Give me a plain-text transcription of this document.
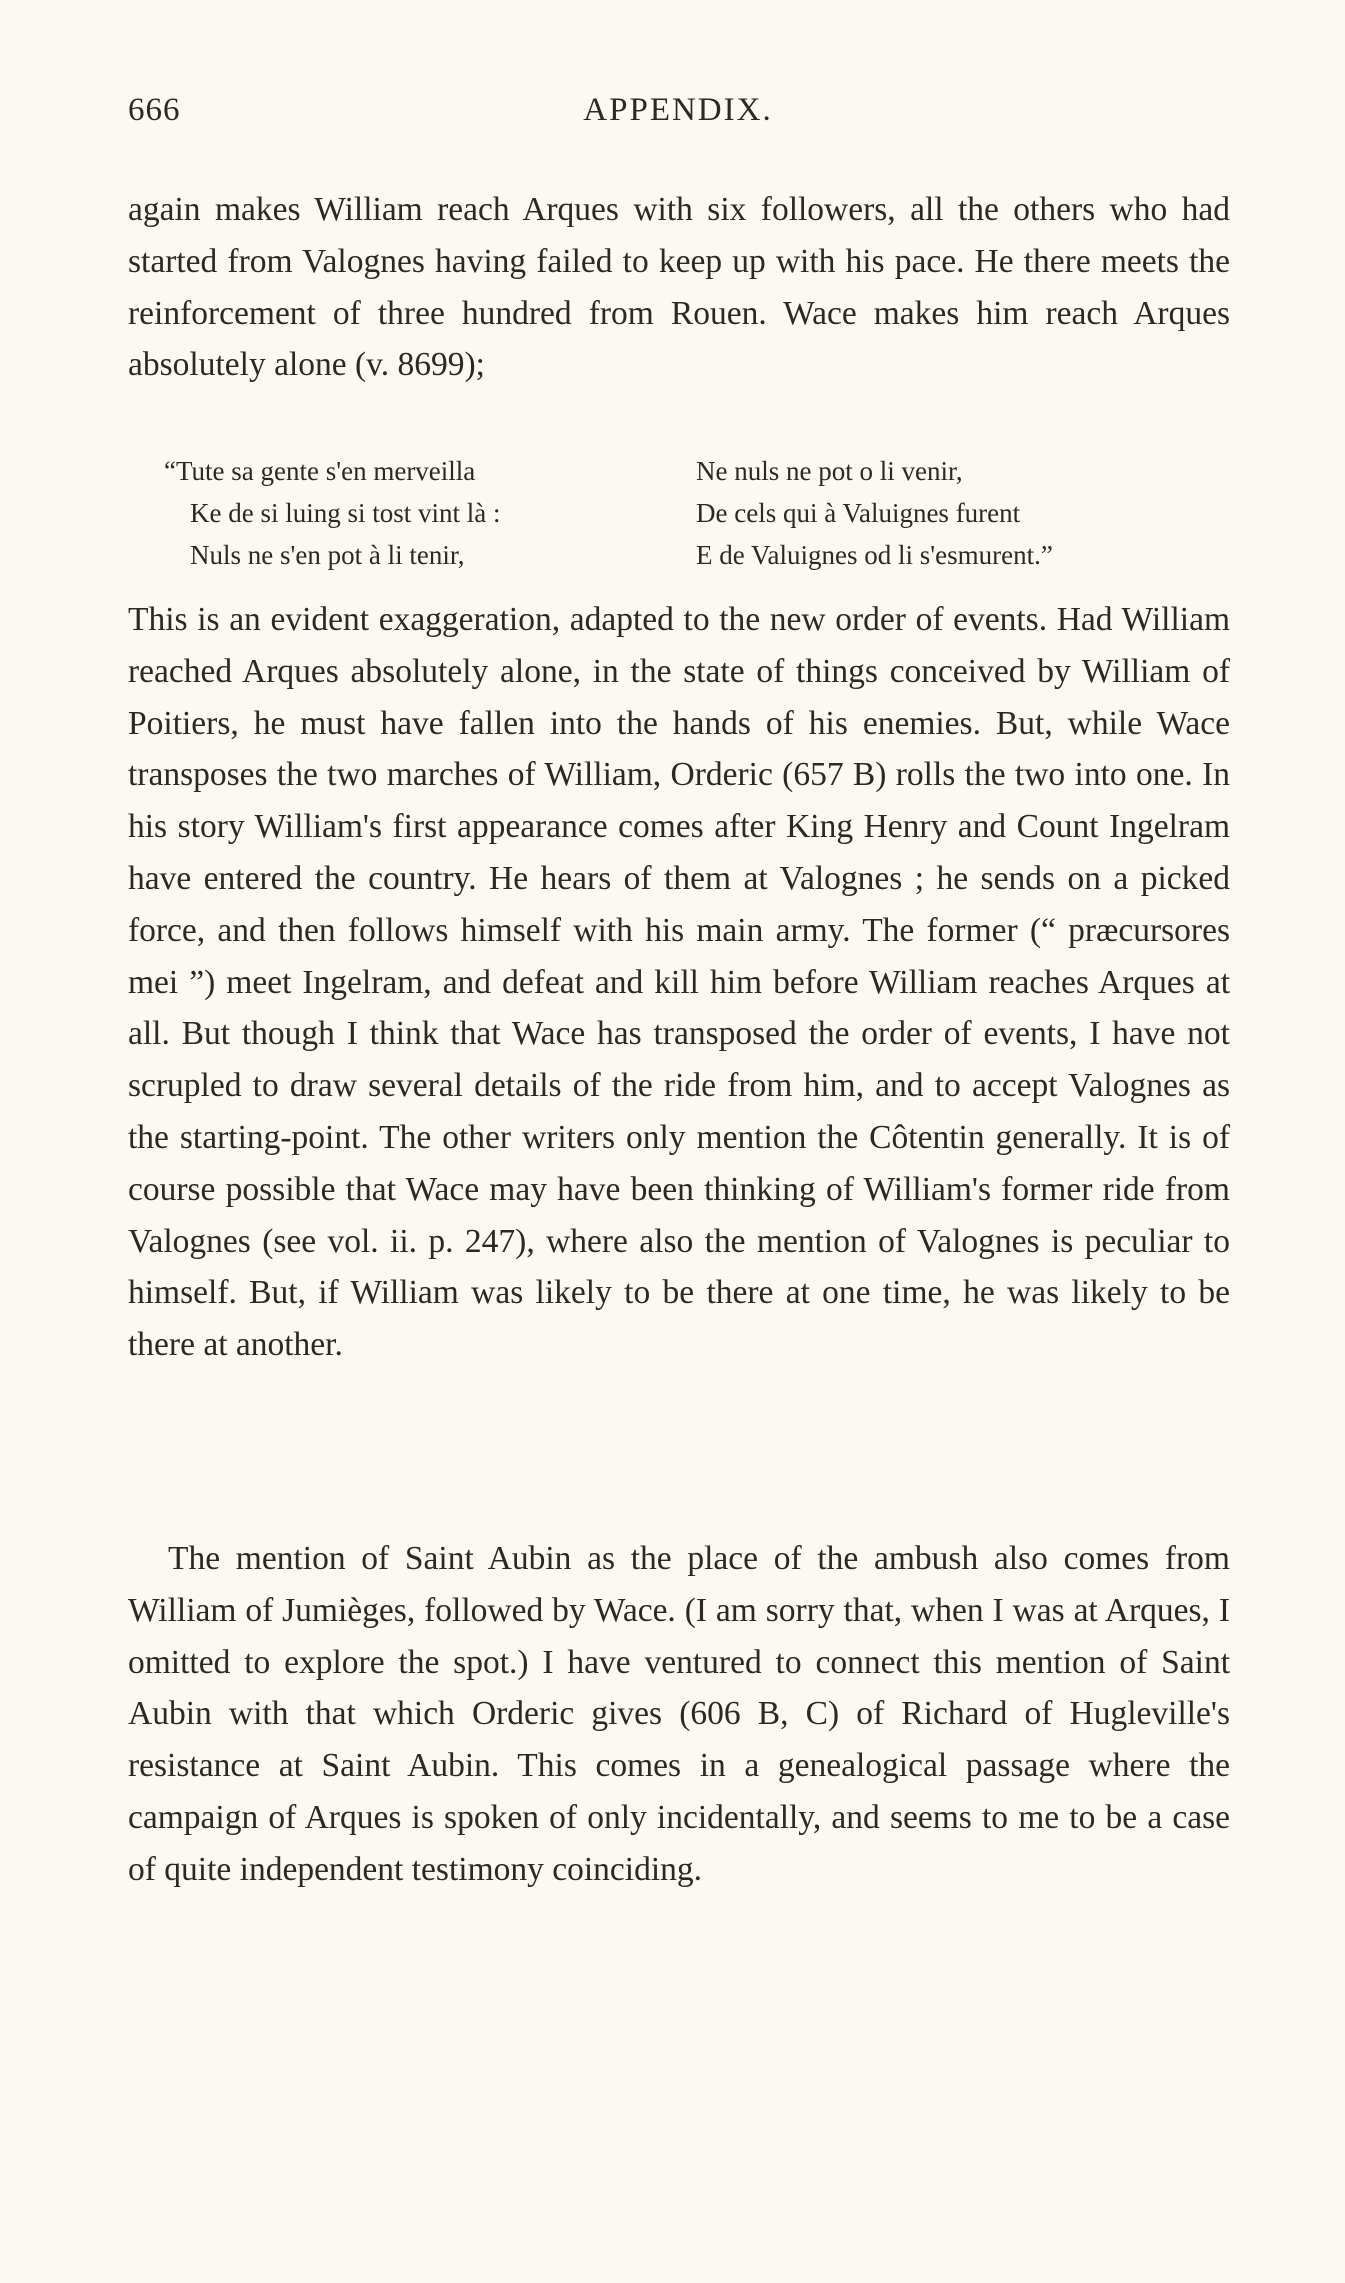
666	APPENDIX.

again makes William reach Arques with six followers, all the others who had started from Valognes having failed to keep up with his pace. He there meets the reinforcement of three hundred from Rouen. Wace makes him reach Arques absolutely alone (v. 8699);

“Tute sa gente s'en merveilla
Ke de si luing si tost vint là :
Nuls ne s'en pot à li tenir,
Ne nuls ne pot o li venir,
De cels qui à Valuignes furent
E de Valuignes od li s'esmurent.”

This is an evident exaggeration, adapted to the new order of events. Had William reached Arques absolutely alone, in the state of things conceived by William of Poitiers, he must have fallen into the hands of his enemies. But, while Wace transposes the two marches of William, Orderic (657 B) rolls the two into one. In his story William's first appearance comes after King Henry and Count Ingelram have entered the country. He hears of them at Valognes ; he sends on a picked force, and then follows himself with his main army. The former (“ præcursores mei ”) meet Ingelram, and defeat and kill him before William reaches Arques at all. But though I think that Wace has transposed the order of events, I have not scrupled to draw several details of the ride from him, and to accept Valognes as the starting-point. The other writers only mention the Côtentin generally. It is of course possible that Wace may have been thinking of William's former ride from Valognes (see vol. ii. p. 247), where also the mention of Valognes is peculiar to himself. But, if William was likely to be there at one time, he was likely to be there at another.

The mention of Saint Aubin as the place of the ambush also comes from William of Jumièges, followed by Wace. (I am sorry that, when I was at Arques, I omitted to explore the spot.) I have ventured to connect this mention of Saint Aubin with that which Orderic gives (606 B, C) of Richard of Hugleville's resistance at Saint Aubin. This comes in a genealogical passage where the campaign of Arques is spoken of only incidentally, and seems to me to be a case of quite independent testimony coinciding.
